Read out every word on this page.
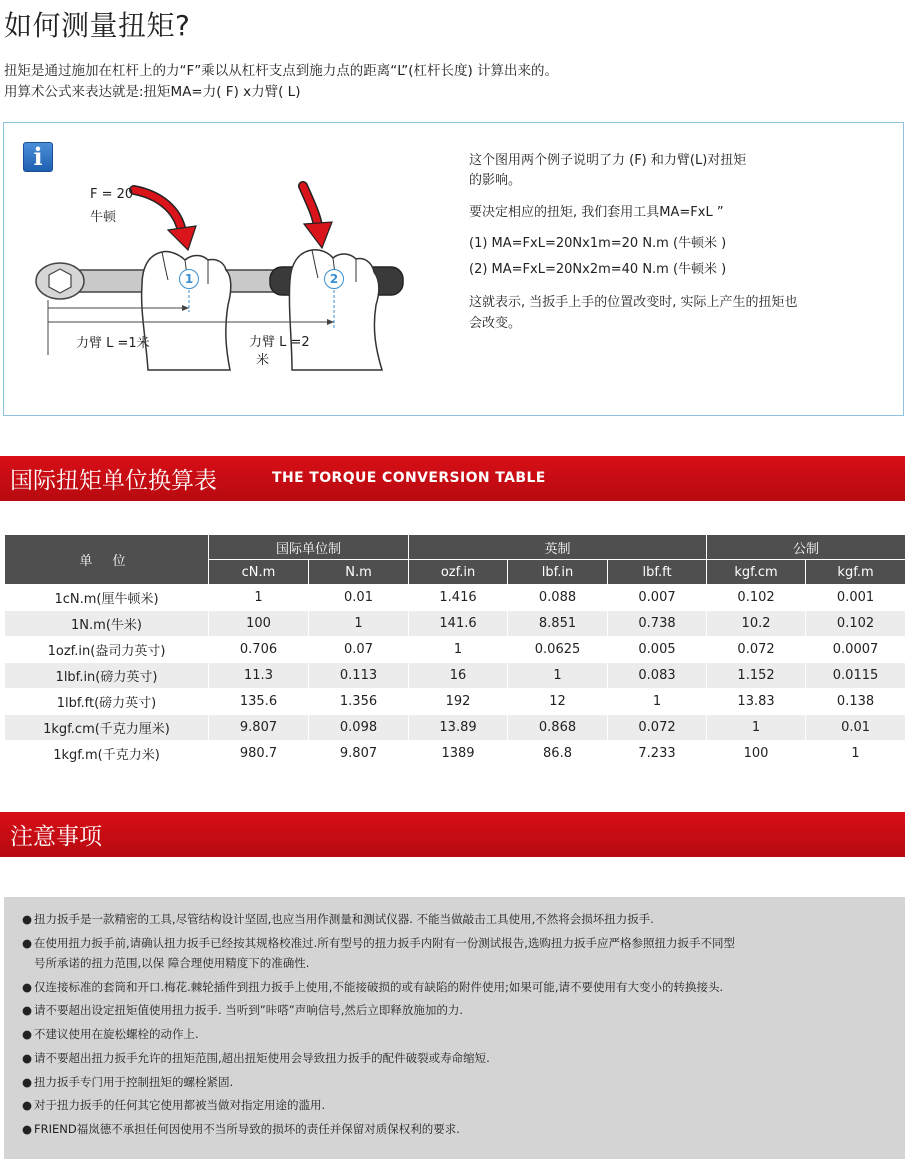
如何测量扭矩?
扭矩是通过施加在杠杆上的力“F”乘以从杠杆支点到施力点的距离“L”(杠杆长度) 计算出来的。
用算术公式来表达就是:扭矩MA=力( F) x力臂( L)
i
1	2
F = 20
牛顿
力臂 L =1米	力臂 L =2
米
这个图用两个例子说明了力 (F) 和力臂(L)对扭矩
的影响。
要决定相应的扭矩, 我们套用工具MA=FxL ”
(1) MA=FxL=20Nx1m=20 N.m (牛顿米 )
(2) MA=FxL=20Nx2m=40 N.m (牛顿米 )
这就表示, 当扳手上手的位置改变时, 实际上产生的扭矩也
会改变。
国际扭矩单位换算表	THE TORQUE CONVERSION TABLE
单 位	国际单位制		英制			公制	
	cN.m	N.m	ozf.in	lbf.in	lbf.ft	kgf.cm	kgf.m
1cN.m(厘牛顿米)	1	0.01	1.416	0.088	0.007	0.102	0.001
1N.m(牛米)	100	1	141.6	8.851	0.738	10.2	0.102
1ozf.in(盎司力英寸)	0.706	0.07	1	0.0625	0.005	0.072	0.0007
1lbf.in(磅力英寸)	11.3	0.113	16	1	0.083	1.152	0.0115
1lbf.ft(磅力英寸)	135.6	1.356	192	12	1	13.83	0.138
1kgf.cm(千克力厘米)	9.807	0.098	13.89	0.868	0.072	1	0.01
1kgf.m(千克力米)	980.7	9.807	1389	86.8	7.233	100	1
注意事项
● 扭力扳手是一款精密的工具,尽管结构设计坚固,也应当用作测量和测试仪器. 不能当做敲击工具使用,不然将会损坏扭力扳手.
● 在使用扭力扳手前,请确认扭力扳手已经按其规格校准过.所有型号的扭力扳手内附有一份测试报告,选购扭力扳手应严格参照扭力扳手不同型
号所承诺的扭力范围,以保 障合理使用精度下的准确性.
● 仅连接标准的套筒和开口.梅花.棘轮插件到扭力扳手上使用,不能接破损的或有缺陷的附件使用;如果可能,请不要使用有大变小的转换接头.
● 请不要超出设定扭矩值使用扭力扳手. 当听到”咔嗒”声响信号,然后立即释放施加的力.
● 不建议使用在旋松螺栓的动作上.
● 请不要超出扭力扳手允许的扭矩范围,超出扭矩使用会导致扭力扳手的配件破裂或寿命缩短.
● 扭力扳手专门用于控制扭矩的螺栓紧固.
● 对于扭力扳手的任何其它使用都被当做对指定用途的滥用.
● FRIEND福岚德不承担任何因使用不当所导致的损坏的责任并保留对质保权利的要求.
